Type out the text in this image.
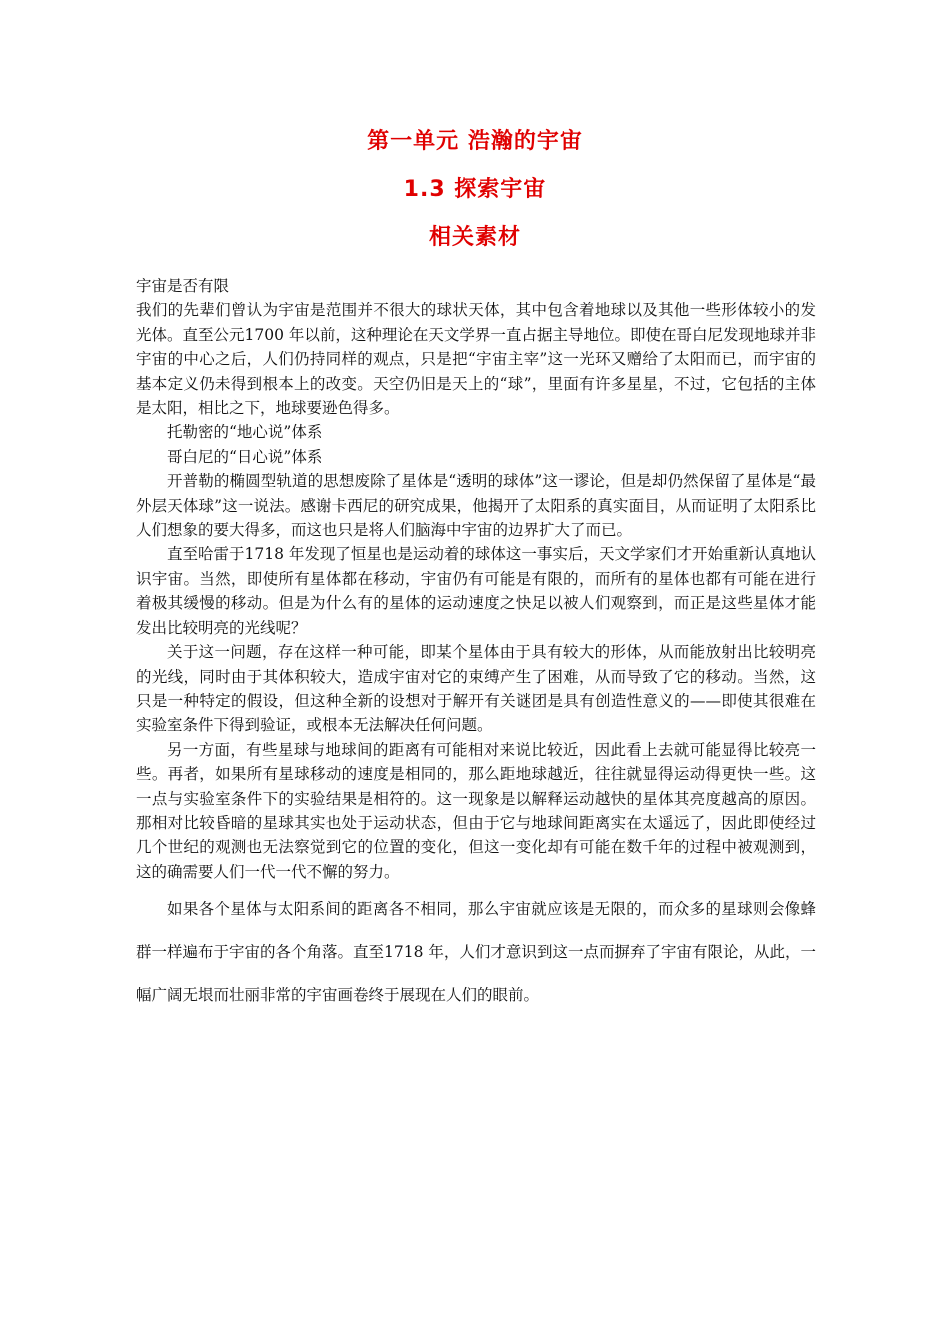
第一单元 浩瀚的宇宙
1.3 探索宇宙
相关素材

宇宙是否有限

我们的先辈们曾认为宇宙是范围并不很大的球状天体，其中包含着地球以及其他一些形体较小的发光体。直至公元1700 年以前，这种理论在天文学界一直占据主导地位。即使在哥白尼发现地球并非宇宙的中心之后，人们仍持同样的观点，只是把“宇宙主宰”这一光环又赠给了太阳而已，而宇宙的基本定义仍未得到根本上的改变。天空仍旧是天上的“球”，里面有许多星星，不过，它包括的主体是太阳，相比之下，地球要逊色得多。

托勒密的“地心说”体系

哥白尼的“日心说”体系

开普勒的椭圆型轨道的思想废除了星体是“透明的球体”这一谬论，但是却仍然保留了星体是“最外层天体球”这一说法。感谢卡西尼的研究成果，他揭开了太阳系的真实面目，从而证明了太阳系比人们想象的要大得多，而这也只是将人们脑海中宇宙的边界扩大了而已。

直至哈雷于1718 年发现了恒星也是运动着的球体这一事实后，天文学家们才开始重新认真地认识宇宙。当然，即使所有星体都在移动，宇宙仍有可能是有限的，而所有的星体也都有可能在进行着极其缓慢的移动。但是为什么有的星体的运动速度之快足以被人们观察到，而正是这些星体才能发出比较明亮的光线呢？

关于这一问题，存在这样一种可能，即某个星体由于具有较大的形体，从而能放射出比较明亮的光线，同时由于其体积较大，造成宇宙对它的束缚产生了困难，从而导致了它的移动。当然，这只是一种特定的假设，但这种全新的设想对于解开有关谜团是具有创造性意义的——即使其很难在实验室条件下得到验证，或根本无法解决任何问题。

另一方面，有些星球与地球间的距离有可能相对来说比较近，因此看上去就可能显得比较亮一些。再者，如果所有星球移动的速度是相同的，那么距地球越近，往往就显得运动得更快一些。这一点与实验室条件下的实验结果是相符的。这一现象是以解释运动越快的星体其亮度越高的原因。那相对比较昏暗的星球其实也处于运动状态，但由于它与地球间距离实在太遥远了，因此即使经过几个世纪的观测也无法察觉到它的位置的变化，但这一变化却有可能在数千年的过程中被观测到，这的确需要人们一代一代不懈的努力。

如果各个星体与太阳系间的距离各不相同，那么宇宙就应该是无限的，而众多的星球则会像蜂群一样遍布于宇宙的各个角落。直至1718 年，人们才意识到这一点而摒弃了宇宙有限论，从此，一幅广阔无垠而壮丽非常的宇宙画卷终于展现在人们的眼前。
